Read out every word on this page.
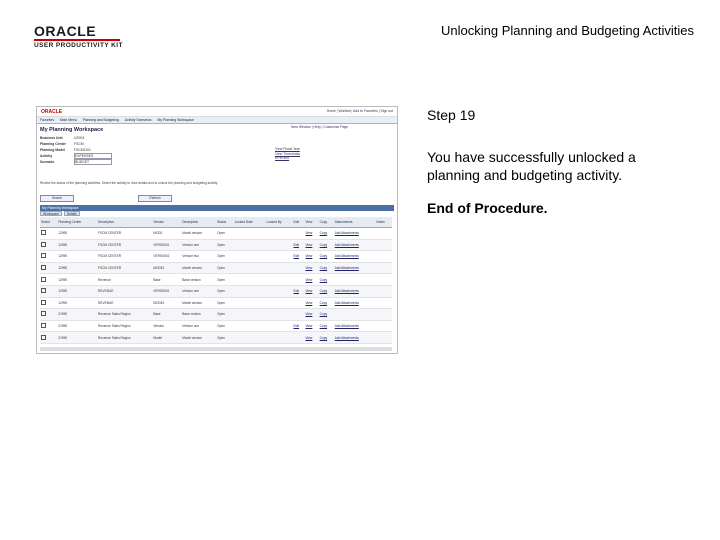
ORACLE
USER PRODUCTIVITY KIT
Unlocking Planning and Budgeting Activities
ORACLE	Home | Worklist | Add to Favorites | Sign out
Favorites Main Menu Planning and Budgeting Activity Scenarios My Planning Workspace
My Planning Workspace	New Window | Help | Customize Page
Business Unit	US001
Planning Center	FSCM
Planning Model	FSCM1101
Activity	EXPENSES
Scenario	BUDGET
View Fiscal Year
View Thresholds
RPM Info
Review the status of the planning activities. Select the activity to view details and to unlock the planning and budgeting activity.
Search	Refresh
My Planning Workspace
Workspace	Details
Select	Planning Center	Description	Version	Description	Status	Locked Date	Locked By	Edit	View	Copy	Attachments	Notes
	12990	FSCM CENTER	MOD1	Model version	Open				View	Copy	Add Attachments	
	12990	FSCM CENTER	VERSION1	Version one	Open			Edit	View	Copy	Add Attachments	
	12990	FSCM CENTER	VERSION2	Version two	Open			Edit	View	Copy	Add Attachments	
	12990	FSCM CENTER	MODEL	Model version	Open				View	Copy	Add Attachments	
	12990	Revenue	Base	Base version	Open				View	Copy		
	12990	REVENUE	VERSION1	Version one	Open			Edit	View	Copy	Add Attachments	
	12990	REVENUE	MODEL	Model version	Open				View	Copy	Add Attachments	
	21990	Revenue Sales Region	Base	Base version	Open				View	Copy		
	21990	Revenue Sales Region	Version	Version one	Open			Edit	View	Copy	Add Attachments	
	21990	Revenue Sales Region	Model	Model version	Open				View	Copy	Add Attachments	
Step 19
You have successfully unlocked a planning and budgeting activity.
End of Procedure.
